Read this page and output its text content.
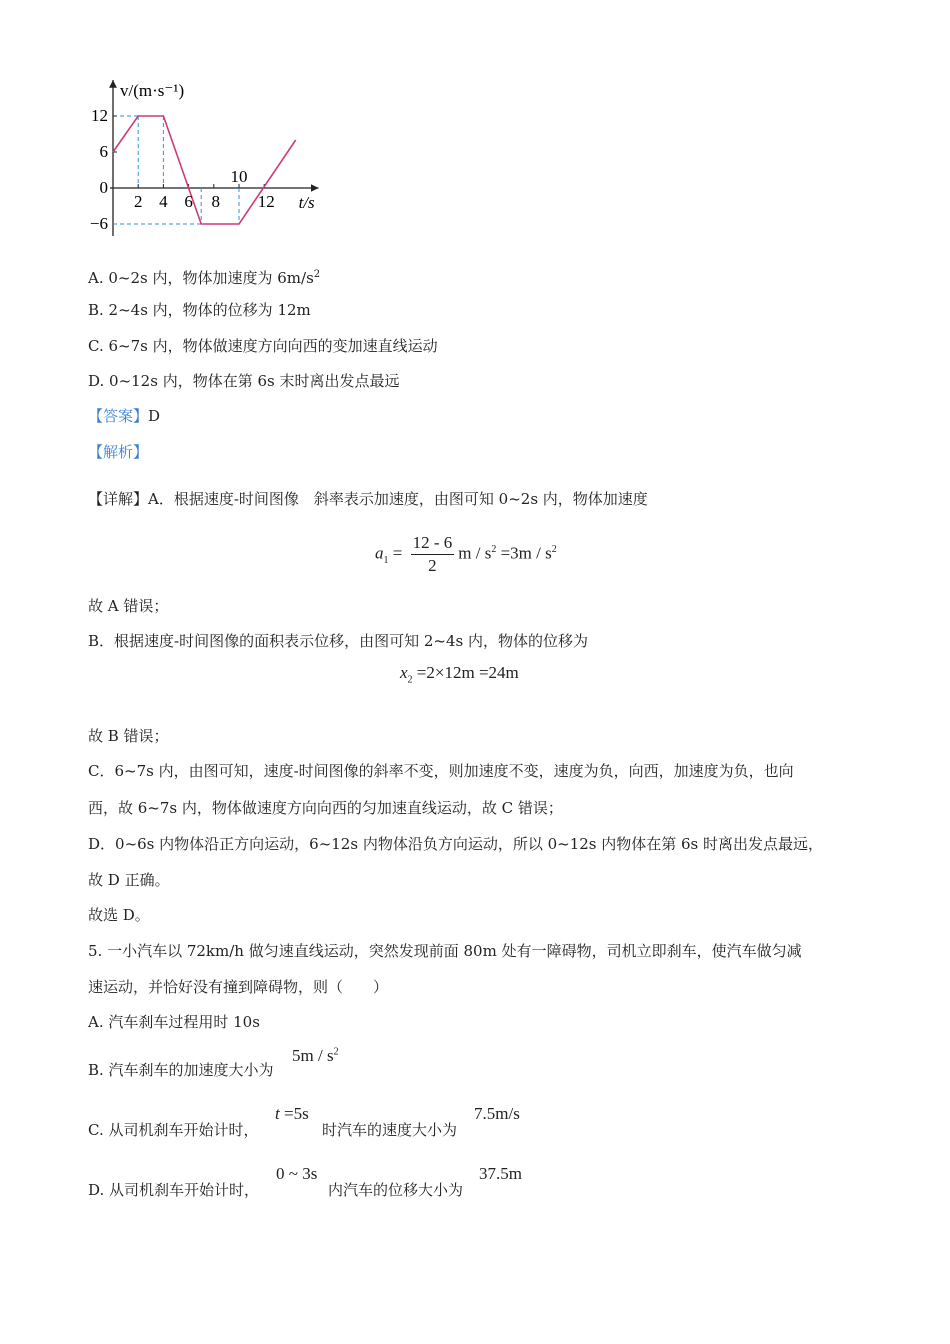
12
6
0
−6
2 4 6 8
10
12
v/(m·s⁻¹)
t/s
A. 0~2s 内，物体加速度为 $6m/s^2$
B. 2~4s 内，物体的位移为 12m
C. 6~7s 内，物体做速度方向向西的变加速直线运动
D. 0~12s 内，物体在第 6s 末时离出发点最远
【答案】D
【解析】
【详解】A．根据速度-时间图像　斜率表示加速度，由图可知 0~2s 内，物体加速度
$a_1 = \frac{12 - 6}{2}$ $m / s^2 =3m / s^2$
故 A 错误；
B．根据速度-时间图像的面积表示位移，由图可知 2~4s 内，物体的位移为
$x_2 =2\times 12m =24m$
故 B 错误；
C．6~7s 内，由图可知，速度-时间图像的斜率不变，则加速度不变，速度为负，向西，加速度为负，也向
西，故 6~7s 内，物体做速度方向向西的匀加速直线运动，故 C 错误；
D．0~6s 内物体沿正方向运动，6~12s 内物体沿负方向运动，所以 0~12s 内物体在第 6s 时离出发点最远，
故 D 正确。
故选 D。
5. 一小汽车以 72km/h 做匀速直线运动，突然发现前面 80m 处有一障碍物，司机立即刹车，使汽车做匀减
速运动，并恰好没有撞到障碍物，则（　　）
A. 汽车刹车过程用时 10s
B. 汽车刹车的加速度大小为
$5m / s^2$
C. 从司机刹车开始计时，
t =5s
时汽车的速度大小为
7.5m/s
D. 从司机刹车开始计时，
0 ~ 3s
内汽车的位移大小为
37.5m
